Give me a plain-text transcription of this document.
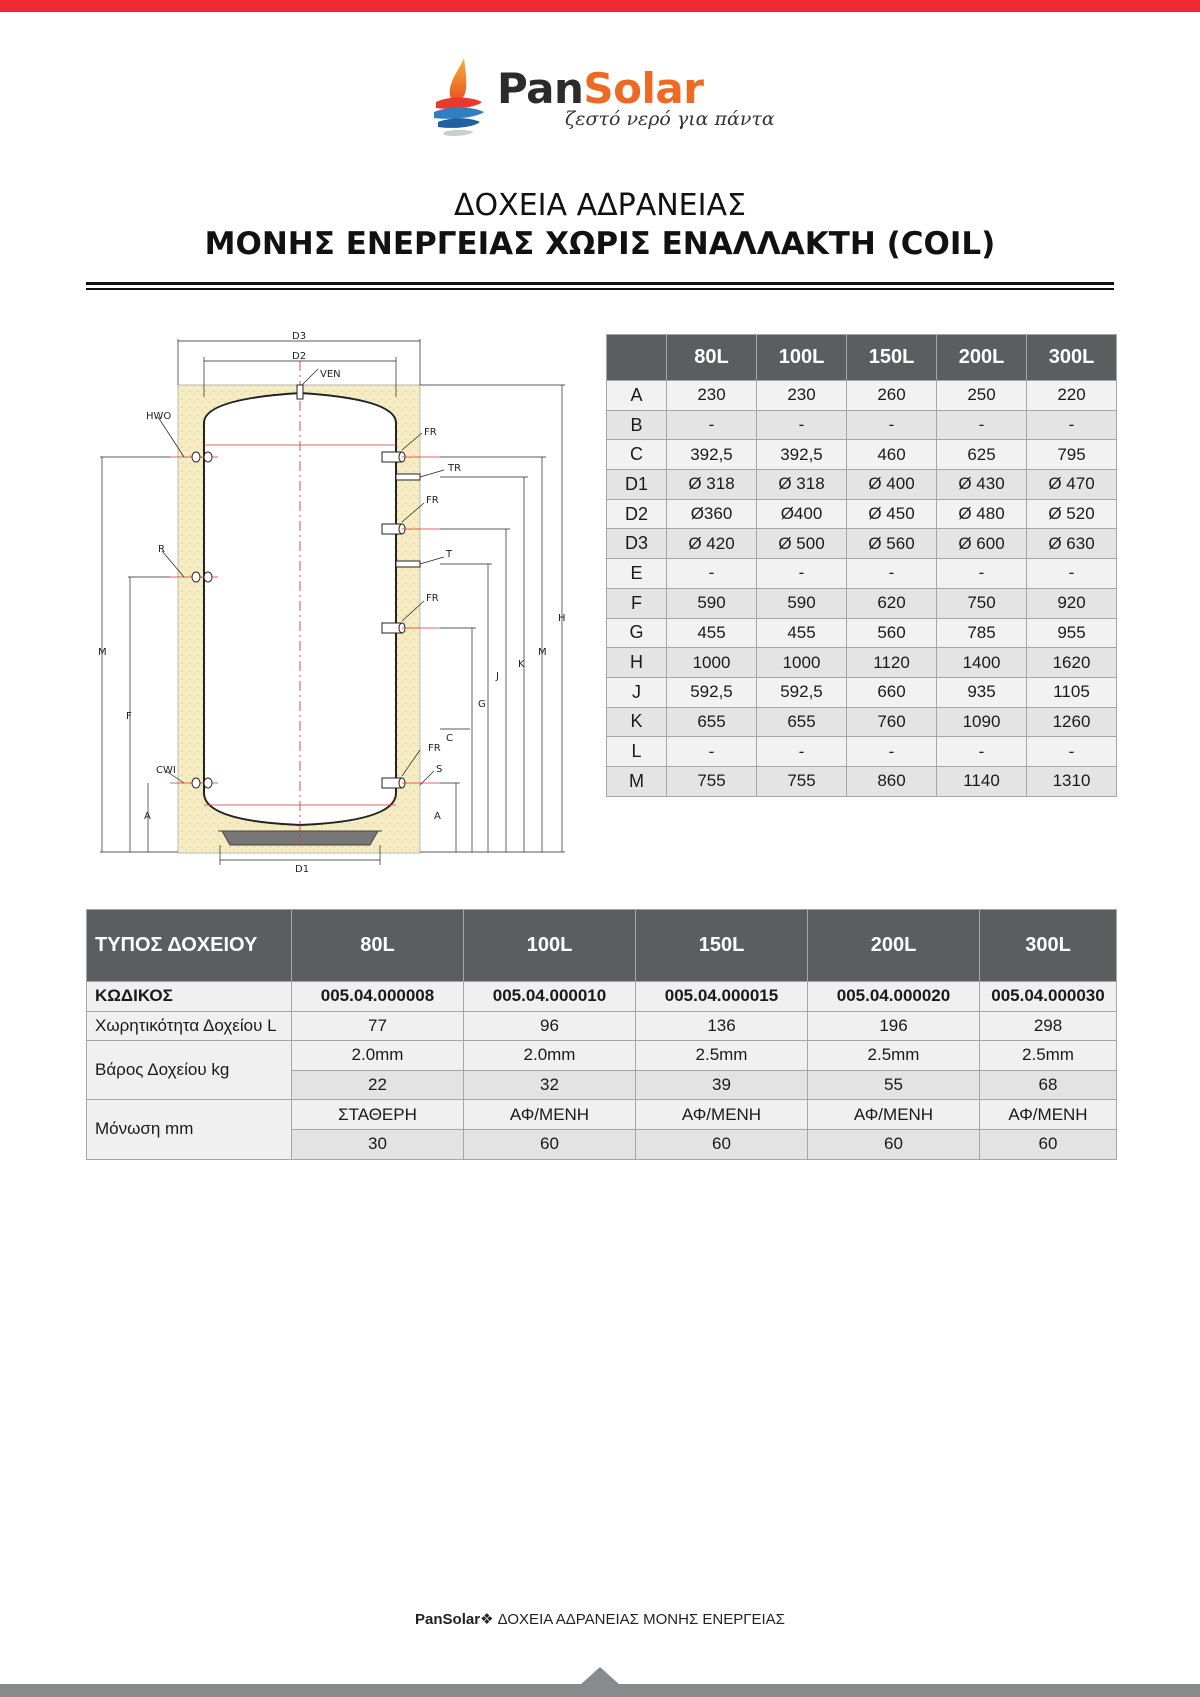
PanSolar
ζεστό νερό για πάντα
ΔΟΧΕΙΑ ΑΔΡΑΝΕΙΑΣ
ΜΟΝΗΣ ΕΝΕΡΓΕΙΑΣ ΧΩΡΙΣ ΕΝΑΛΛΑΚΤΗ (COIL)
D3
D2
D1
VEN
HWO
R
CWI
FR
TR
FR
T
FR
FR
S
M
F
A
H
M
K
J
G
C
A
	80L	100L	150L	200L	300L
A	230	230	260	250	220
B	-	-	-	-	-
C	392,5	392,5	460	625	795
D1	Ø 318	Ø 318	Ø 400	Ø 430	Ø 470
D2	Ø360	Ø400	Ø 450	Ø 480	Ø 520
D3	Ø 420	Ø 500	Ø 560	Ø 600	Ø 630
E	-	-	-	-	-
F	590	590	620	750	920
G	455	455	560	785	955
H	1000	1000	1120	1400	1620
J	592,5	592,5	660	935	1105
K	655	655	760	1090	1260
L	-	-	-	-	-
M	755	755	860	1140	1310
ΤΥΠΟΣ ΔΟΧΕΙΟΥ	80L	100L	150L	200L	300L
ΚΩΔΙΚΟΣ	005.04.000008	005.04.000010	005.04.000015	005.04.000020	005.04.000030
Χωρητικότητα Δοχείου L	77	96	136	196	298
Βάρος Δοχείου kg	2.0mm	2.0mm	2.5mm	2.5mm	2.5mm
	22	32	39	55	68
Μόνωση mm	ΣΤΑΘΕΡΗ	ΑΦ/ΜΕΝΗ	ΑΦ/ΜΕΝΗ	ΑΦ/ΜΕΝΗ	ΑΦ/ΜΕΝΗ
	30	60	60	60	60
PanSolar❖ ΔΟΧΕΙΑ ΑΔΡΑΝΕΙΑΣ ΜΟΝΗΣ ΕΝΕΡΓΕΙΑΣ
